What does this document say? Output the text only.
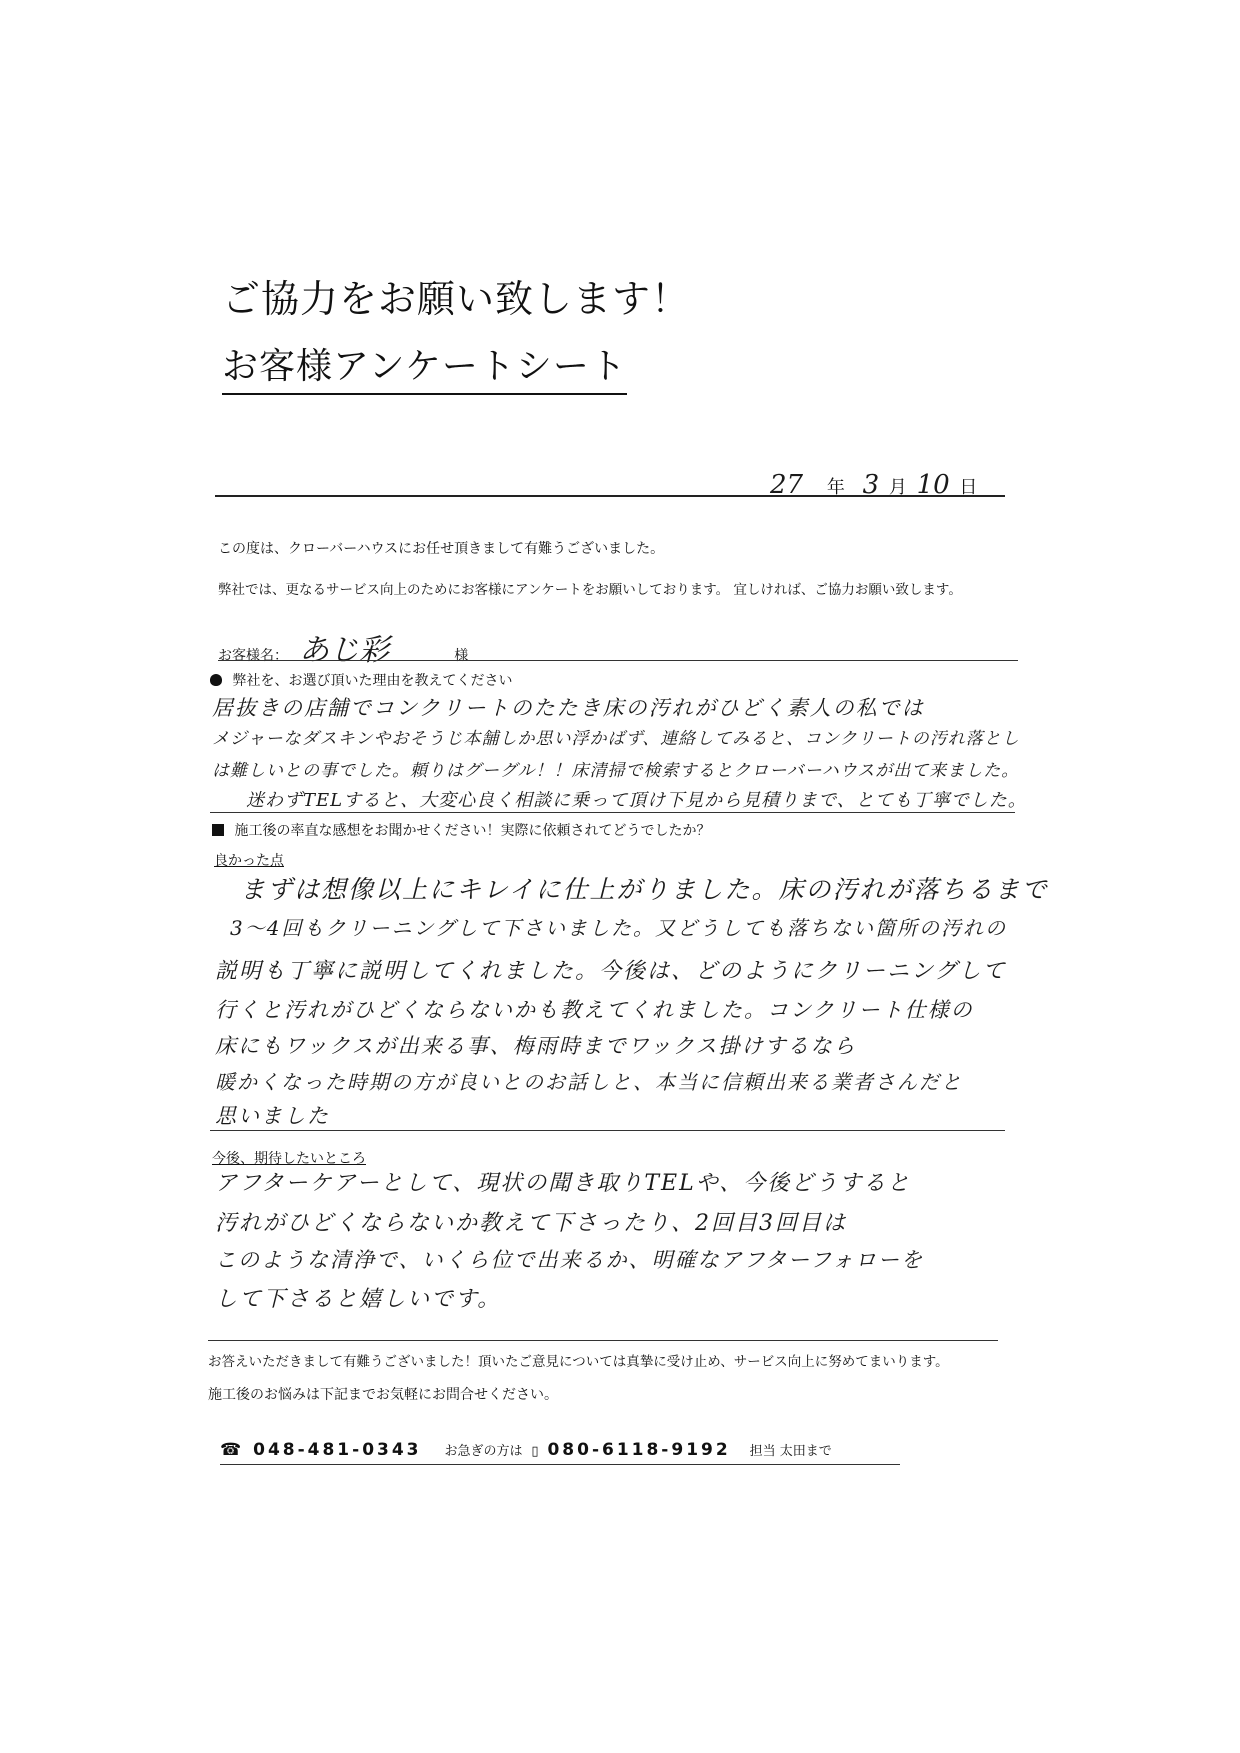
ご協力をお願い致します！
お客様アンケートシート
27 年 3 月 10 日
この度は、クローバーハウスにお任せ頂きまして有難うございました。
弊社では、更なるサービス向上のためにお客様にアンケートをお願いしております。 宜しければ、ご協力お願い致します。
お客様名： あじ彩	様
弊社を、お選び頂いた理由を教えてください
居抜きの店舗でコンクリートのたたき床の汚れがひどく素人の私では
メジャーなダスキンやおそうじ本舗しか思い浮かばず、連絡してみると、コンクリートの汚れ落とし
は難しいとの事でした。頼りはグーグル！！床清掃で検索するとクローバーハウスが出て来ました。
迷わずTELすると、大変心良く相談に乗って頂け下見から見積りまで、とても丁寧でした。
施工後の率直な感想をお聞かせください！実際に依頼されてどうでしたか？
良かった点
まずは想像以上にキレイに仕上がりました。床の汚れが落ちるまで
3〜4回もクリーニングして下さいました。又どうしても落ちない箇所の汚れの
説明も丁寧に説明してくれました。今後は、どのようにクリーニングして
行くと汚れがひどくならないかも教えてくれました。コンクリート仕様の
床にもワックスが出来る事、梅雨時までワックス掛けするなら
暖かくなった時期の方が良いとのお話しと、本当に信頼出来る業者さんだと
思いました
今後、期待したいところ
アフターケアーとして、現状の聞き取りTELや、今後どうすると
汚れがひどくならないか教えて下さったり、2回目3回目は
このような清浄で、いくら位で出来るか、明確なアフターフォローを
して下さると嬉しいです。
お答えいただきまして有難うございました！頂いたご意見については真摯に受け止め、サービス向上に努めてまいります。
施工後のお悩みは下記までお気軽にお問合せください。
☎ 048-481-0343 お急ぎの方は ▯ 080-6118-9192 担当 太田まで
